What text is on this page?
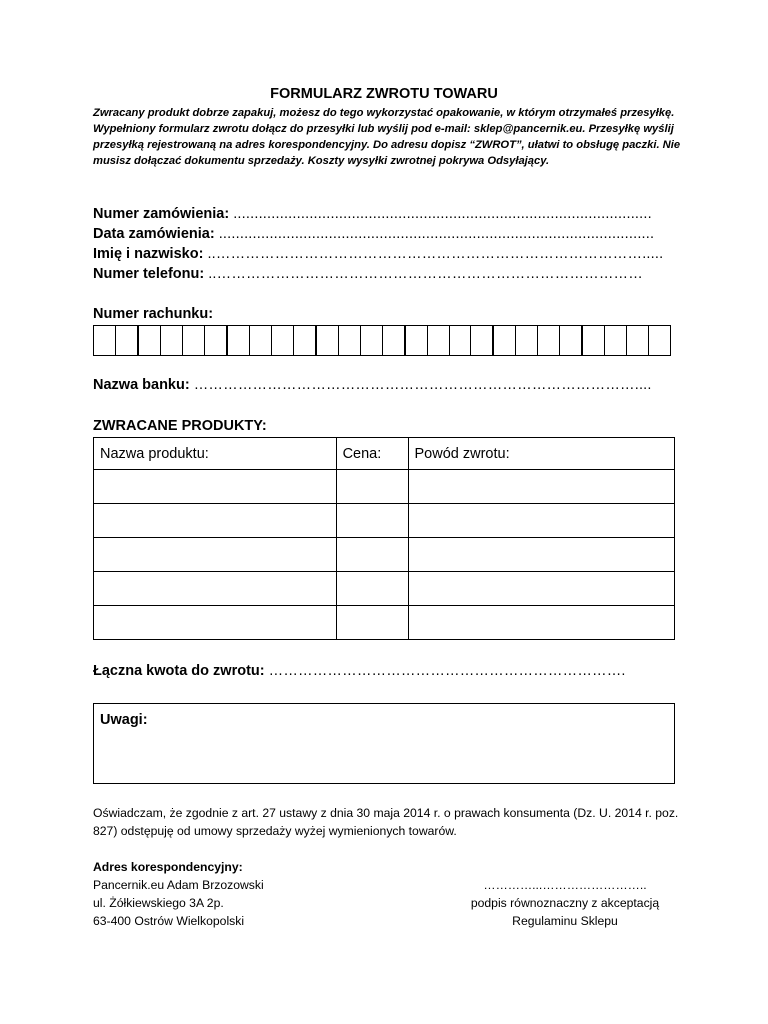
FORMULARZ ZWROTU TOWARU
Zwracany produkt dobrze zapakuj, możesz do tego wykorzystać opakowanie, w którym otrzymałeś przesyłkę. Wypełniony formularz zwrotu dołącz do przesyłki lub wyślij pod e-mail: sklep@pancernik.eu. Przesyłkę wyślij przesyłką rejestrowaną na adres korespondencyjny. Do adresu dopisz “ZWROT”, ułatwi to obsługę paczki. Nie musisz dołączać dokumentu sprzedaży. Koszty wysyłki zwrotnej pokrywa Odsyłający.
Numer zamówienia: ...................................................................................................
Data zamówienia: .......................................................................................................
Imię i nazwisko: ..…………………………………………………………………………….....
Numer telefonu: ..……………………………………………………………………………
Numer rachunku:
Nazwa banku: ………………………………………………………………………………....
ZWRACANE PRODUKTY:
Nazwa produktu:	Cena:	Powód zwrotu:

Łączna kwota do zwrotu: ……………………………………………………………….
Uwagi:
Oświadczam, że zgodnie z art. 27 ustawy z dnia 30 maja 2014 r. o prawach konsumenta (Dz. U. 2014 r. poz. 827) odstępuję od umowy sprzedaży wyżej wymienionych towarów.
Adres korespondencyjny:
Pancernik.eu Adam Brzozowski
ul. Żółkiewskiego 3A 2p.
63-400 Ostrów Wielkopolski
…………...……………………..
podpis równoznaczny z akceptacją
Regulaminu Sklepu
